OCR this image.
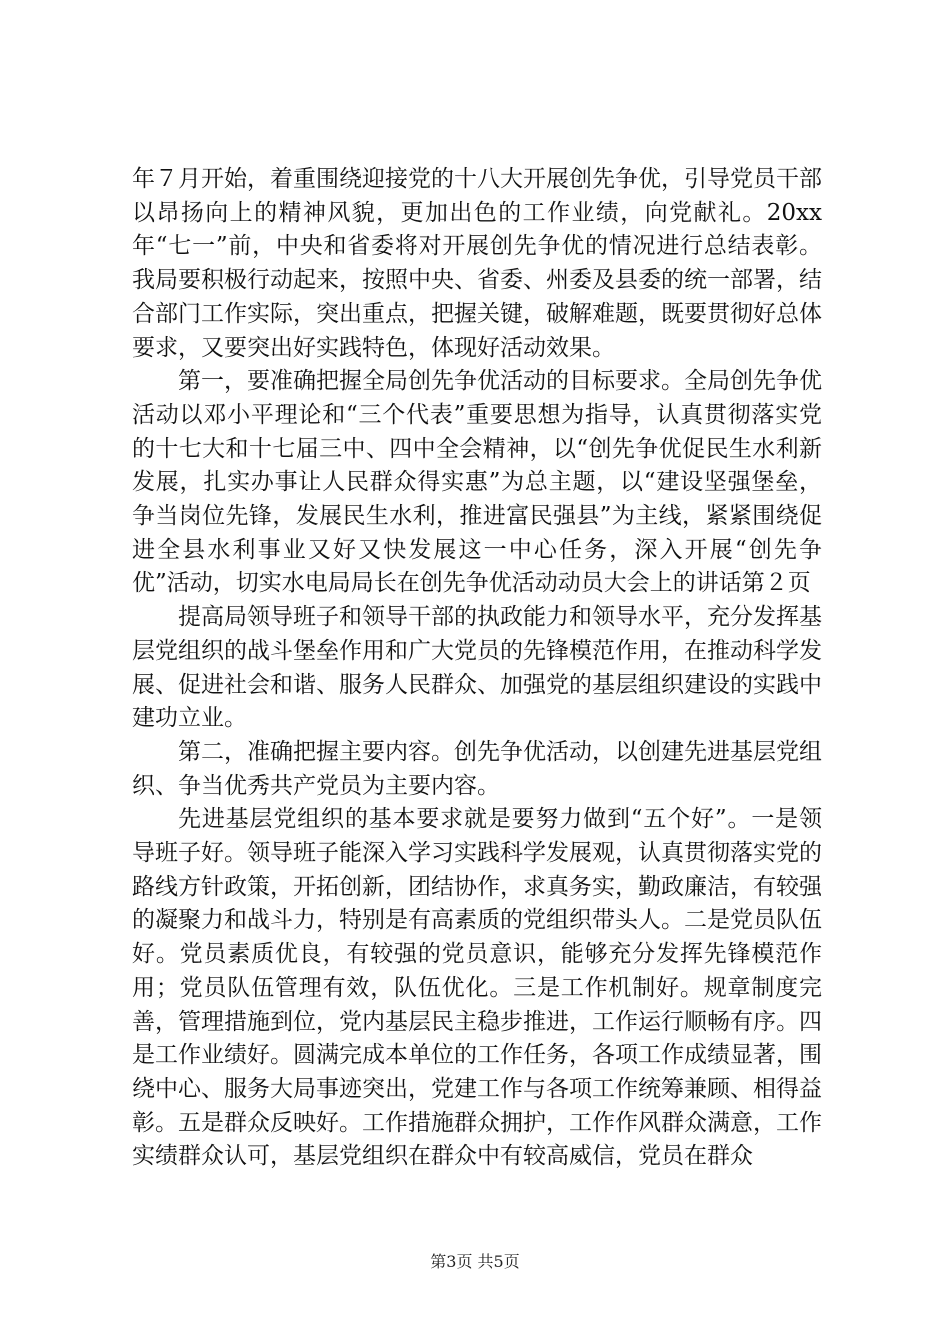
年７月开始，着重围绕迎接党的十八大开展创先争优，引导党员干部以昂扬向上的精神风貌，更加出色的工作业绩，向党献礼。20xx年“七一”前，中央和省委将对开展创先争优的情况进行总结表彰。我局要积极行动起来，按照中央、省委、州委及县委的统一部署，结合部门工作实际，突出重点，把握关键，破解难题，既要贯彻好总体要求，又要突出好实践特色，体现好活动效果。

第一，要准确把握全局创先争优活动的目标要求。全局创先争优活动以邓小平理论和“三个代表”重要思想为指导，认真贯彻落实党的十七大和十七届三中、四中全会精神，以“创先争优促民生水利新发展，扎实办事让人民群众得实惠”为总主题，以“建设坚强堡垒，争当岗位先锋，发展民生水利，推进富民强县”为主线，紧紧围绕促进全县水利事业又好又快发展这一中心任务，深入开展“创先争优”活动，切实水电局局长在创先争优活动动员大会上的讲话第２页

提高局领导班子和领导干部的执政能力和领导水平，充分发挥基层党组织的战斗堡垒作用和广大党员的先锋模范作用，在推动科学发展、促进社会和谐、服务人民群众、加强党的基层组织建设的实践中建功立业。

第二，准确把握主要内容。创先争优活动，以创建先进基层党组织、争当优秀共产党员为主要内容。

先进基层党组织的基本要求就是要努力做到“五个好”。一是领导班子好。领导班子能深入学习实践科学发展观，认真贯彻落实党的路线方针政策，开拓创新，团结协作，求真务实，勤政廉洁，有较强的凝聚力和战斗力，特别是有高素质的党组织带头人。二是党员队伍好。党员素质优良，有较强的党员意识，能够充分发挥先锋模范作用；党员队伍管理有效，队伍优化。三是工作机制好。规章制度完善，管理措施到位，党内基层民主稳步推进，工作运行顺畅有序。四是工作业绩好。圆满完成本单位的工作任务，各项工作成绩显著，围绕中心、服务大局事迹突出，党建工作与各项工作统筹兼顾、相得益彰。五是群众反映好。工作措施群众拥护，工作作风群众满意，工作实绩群众认可，基层党组织在群众中有较高威信，党员在群众

第3页 共5页
